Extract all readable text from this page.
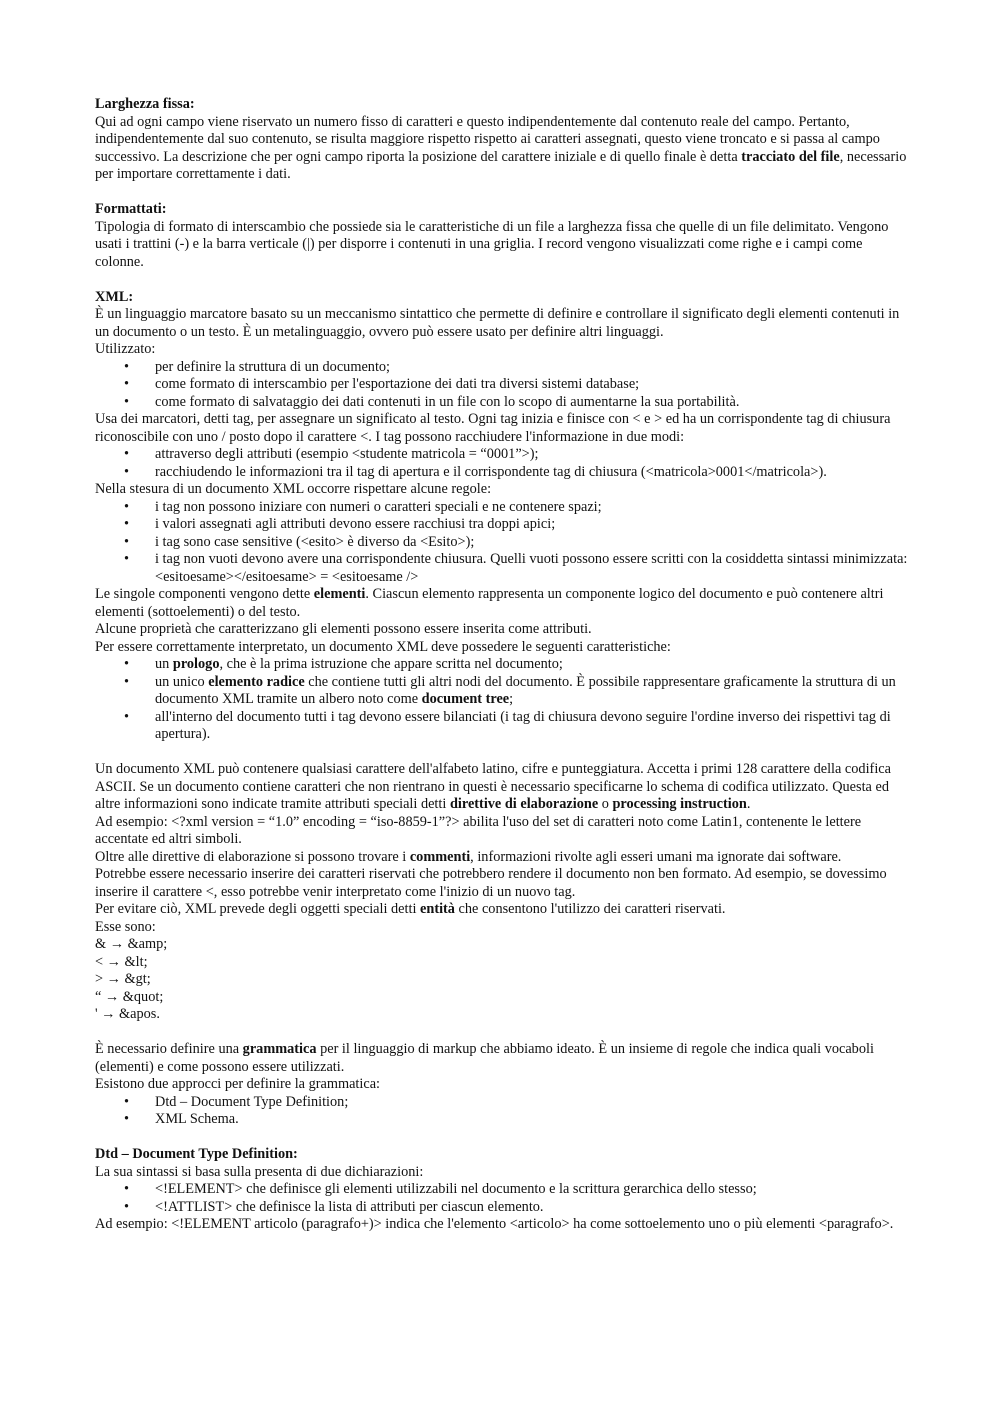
Larghezza fissa:

Qui ad ogni campo viene riservato un numero fisso di caratteri e questo indipendentemente dal contenuto reale del campo. Pertanto, indipendentemente dal suo contenuto, se risulta maggiore rispetto rispetto ai caratteri assegnati, questo viene troncato e si passa al campo successivo. La descrizione che per ogni campo riporta la posizione del carattere iniziale e di quello finale è detta tracciato del file, necessario per importare correttamente i dati.

Formattati:

Tipologia di formato di interscambio che possiede sia le caratteristiche di un file a larghezza fissa che quelle di un file delimitato. Vengono usati i trattini (-) e la barra verticale (|) per disporre i contenuti in una griglia. I record vengono visualizzati come righe e i campi come colonne.

XML:

È un linguaggio marcatore basato su un meccanismo sintattico che permette di definire e controllare il significato degli elementi contenuti in un documento o un testo. È un metalinguaggio, ovvero può essere usato per definire altri linguaggi.

Utilizzato:

• per definire la struttura di un documento;
• come formato di interscambio per l'esportazione dei dati tra diversi sistemi database;
• come formato di salvataggio dei dati contenuti in un file con lo scopo di aumentarne la sua portabilità.

Usa dei marcatori, detti tag, per assegnare un significato al testo. Ogni tag inizia e finisce con < e > ed ha un corrispondente tag di chiusura riconoscibile con uno / posto dopo il carattere <. I tag possono racchiudere l'informazione in due modi:

• attraverso degli attributi (esempio <studente matricola = “0001”>);
• racchiudendo le informazioni tra il tag di apertura e il corrispondente tag di chiusura (<matricola>0001</matricola>).

Nella stesura di un documento XML occorre rispettare alcune regole:

• i tag non possono iniziare con numeri o caratteri speciali e ne contenere spazi;
• i valori assegnati agli attributi devono essere racchiusi tra doppi apici;
• i tag sono case sensitive (<esito> è diverso da <Esito>);
• i tag non vuoti devono avere una corrispondente chiusura. Quelli vuoti possono essere scritti con la cosiddetta sintassi minimizzata:
<esitoesame></esitoesame> = <esitoesame />

Le singole componenti vengono dette elementi. Ciascun elemento rappresenta un componente logico del documento e può contenere altri elementi (sottoelementi) o del testo.

Alcune proprietà che caratterizzano gli elementi possono essere inserita come attributi.

Per essere correttamente interpretato, un documento XML deve possedere le seguenti caratteristiche:

• un prologo, che è la prima istruzione che appare scritta nel documento;
• un unico elemento radice che contiene tutti gli altri nodi del documento. È possibile rappresentare graficamente la struttura di un documento XML tramite un albero noto come document tree;
• all'interno del documento tutti i tag devono essere bilanciati (i tag di chiusura devono seguire l'ordine inverso dei rispettivi tag di apertura).

Un documento XML può contenere qualsiasi carattere dell'alfabeto latino, cifre e punteggiatura. Accetta i primi 128 carattere della codifica ASCII. Se un documento contiene caratteri che non rientrano in questi è necessario specificarne lo schema di codifica utilizzato. Questa ed altre informazioni sono indicate tramite attributi speciali detti direttive di elaborazione o processing instruction.

Ad esempio: <?xml version = “1.0” encoding = “iso-8859-1”?> abilita l'uso del set di caratteri noto come Latin1, contenente le lettere accentate ed altri simboli.

Oltre alle direttive di elaborazione si possono trovare i commenti, informazioni rivolte agli esseri umani ma ignorate dai software.

Potrebbe essere necessario inserire dei caratteri riservati che potrebbero rendere il documento non ben formato. Ad esempio, se dovessimo inserire il carattere <, esso potrebbe venir interpretato come l'inizio di un nuovo tag.

Per evitare ciò, XML prevede degli oggetti speciali detti entità che consentono l'utilizzo dei caratteri riservati.

Esse sono:

& → &amp;

< → &lt;

> → &gt;

“ → &quot;

' → &apos.

È necessario definire una grammatica per il linguaggio di markup che abbiamo ideato. È un insieme di regole che indica quali vocaboli (elementi) e come possono essere utilizzati.

Esistono due approcci per definire la grammatica:

• Dtd – Document Type Definition;
• XML Schema.

Dtd – Document Type Definition:

La sua sintassi si basa sulla presenta di due dichiarazioni:

• <!ELEMENT> che definisce gli elementi utilizzabili nel documento e la scrittura gerarchica dello stesso;
• <!ATTLIST> che definisce la lista di attributi per ciascun elemento.

Ad esempio: <!ELEMENT articolo (paragrafo+)> indica che l'elemento <articolo> ha come sottoelemento uno o più elementi <paragrafo>.
